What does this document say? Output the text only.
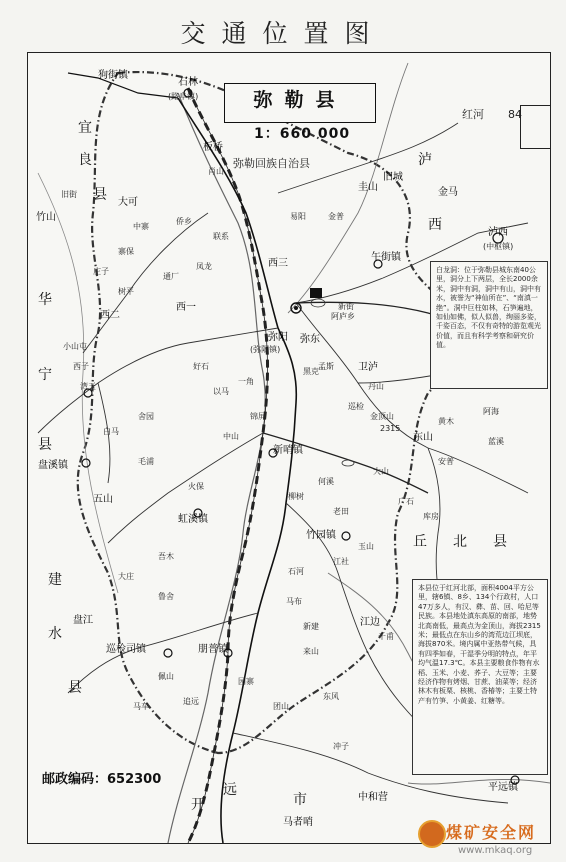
交通位置图
弥勒县
1：660 000
红河 84
狗街镇
石林
(路阜镇)
宜
良
县
旧街
竹山
大可
板桥
肖山
中寨
侨乡
寨保
庄子
华
宁
西二
西一
凤龙
通厂
树平
湾玉
小山屯
西子
盘溪镇
县
五山
虹溪镇
建
水
盘江
巡检司镇
县
佩山
开
远
市
马者哨
中和营
平远镇
江边
朋普镇
竹园镇
弥阳
(弥阳镇)
弥东
西三
午街镇
东山
卫泸
孟斯
新哨镇
锦屏
丘 北 县
泸
西
弥勒回族自治县
圭山
旧城
金马
泸西
(中枢镇)
阿庐乡
黑克
丹山
金顶山
2315
巡检
舍园
何溪
大山
千甫
鲁舍
火保
安普
黄木
阿海
蓝溪
广石
库房
玉山
石河
马布
江社
团山
园寨
东风
冲子
来山
新建
以马
一角
好石
毛浦
白马
中山
柳树
老田
新街
联系
易阳	金普
吾木
大庄
追远
马车
白龙洞：位于弥勒县城东南40公里，洞分上下两层，全长2000余米，洞中有洞，洞中有山，洞中有水，被誉为“神仙所在”、“南滇一绝”。洞中巨柱如林，石笋遍地，如仙如佛，似人似兽，绚丽多姿，千姿百态，不仅有奇特的游览观光价值，而且有科学考察和研究价值。
本县位于红河北部，面积4004平方公里，辖6镇、8乡、134个行政村，人口47万多人，有汉、彝、苗、回、哈尼等民族。本县地处滇东高原的南部，地势北高南低，最高点为金顶山，海拔2315米；最低点在东山乡的湾荒边江坝底，海拔870米。境内属中亚热带气候，具有四季如春，干湿季分明的特点，年平均气温17.3℃。本县主要粮食作物有水稻、玉米、小麦、荞子、大豆等；主要经济作物有烤烟、甘蔗、油菜等；经济林木有板栗、核桃、香椿等；主要土特产有竹笋、小黄姜、红糖等。
邮政编码：652300
煤矿安全网
www.mkaq.org
